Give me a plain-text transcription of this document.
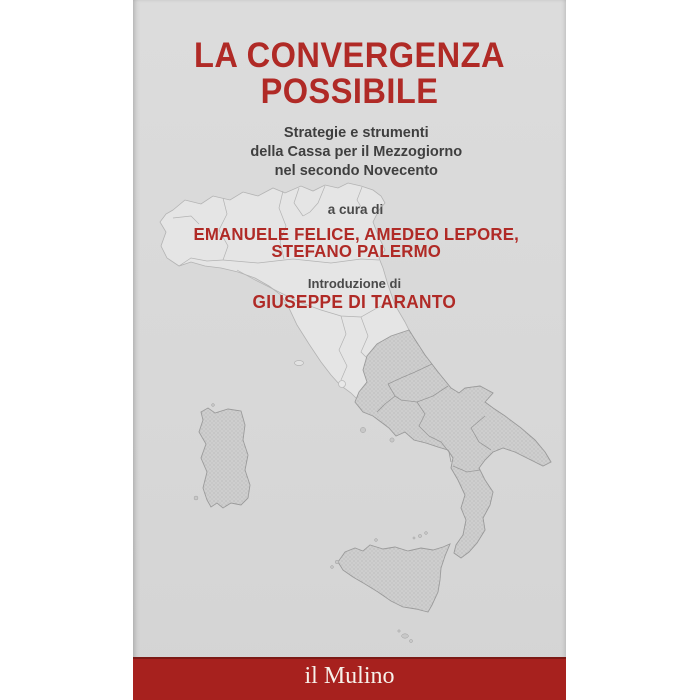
LA CONVERGENZA
POSSIBILE
Strategie e strumenti
della Cassa per il Mezzogiorno
nel secondo Novecento
a cura di
EMANUELE FELICE, AMEDEO LEPORE,
STEFANO PALERMO
Introduzione di
GIUSEPPE DI TARANTO
il Mulino
